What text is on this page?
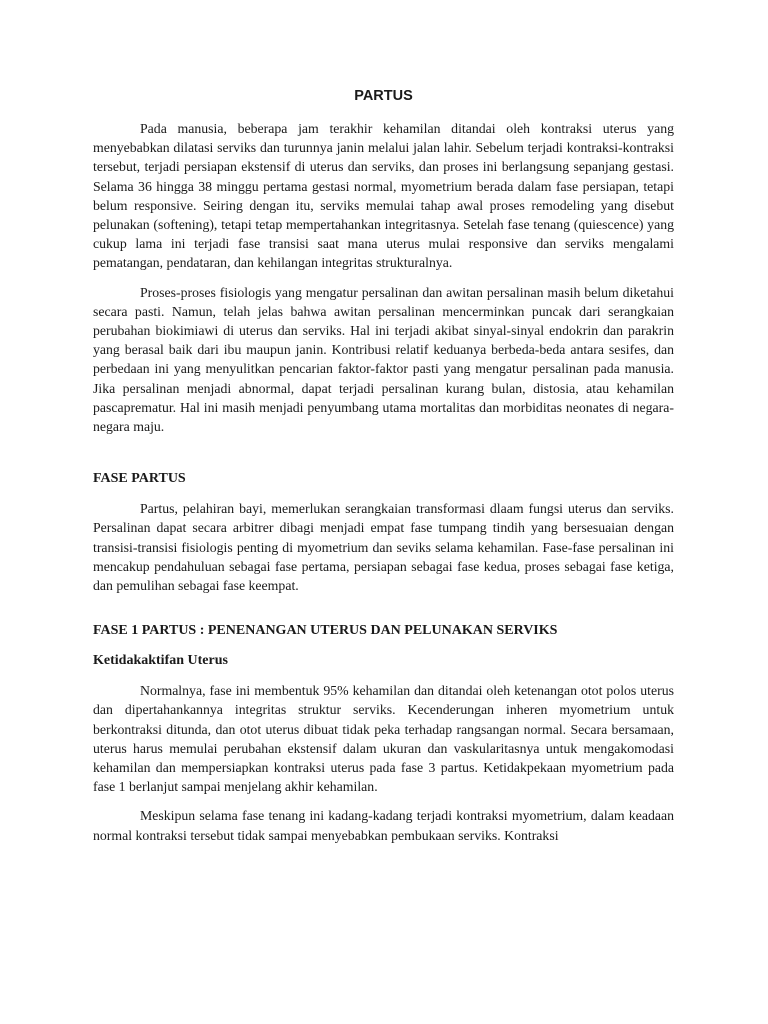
PARTUS

Pada manusia, beberapa jam terakhir kehamilan ditandai oleh kontraksi uterus yang menyebabkan dilatasi serviks dan turunnya janin melalui jalan lahir. Sebelum terjadi kontraksi-kontraksi tersebut, terjadi persiapan ekstensif di uterus dan serviks, dan proses ini berlangsung sepanjang gestasi. Selama 36 hingga 38 minggu pertama gestasi normal, myometrium berada dalam fase persiapan, tetapi belum responsive. Seiring dengan itu, serviks memulai tahap awal proses remodeling yang disebut pelunakan (softening), tetapi tetap mempertahankan integritasnya. Setelah fase tenang (quiescence) yang cukup lama ini terjadi fase transisi saat mana uterus mulai responsive dan serviks mengalami pematangan, pendataran, dan kehilangan integritas strukturalnya.

Proses-proses fisiologis yang mengatur persalinan dan awitan persalinan masih belum diketahui secara pasti. Namun, telah jelas bahwa awitan persalinan mencerminkan puncak dari serangkaian perubahan biokimiawi di uterus dan serviks. Hal ini terjadi akibat sinyal-sinyal endokrin dan parakrin yang berasal baik dari ibu maupun janin. Kontribusi relatif keduanya berbeda-beda antara sesifes, dan perbedaan ini yang menyulitkan pencarian faktor-faktor pasti yang mengatur persalinan pada manusia. Jika persalinan menjadi abnormal, dapat terjadi persalinan kurang bulan, distosia, atau kehamilan pascaprematur. Hal ini masih menjadi penyumbang utama mortalitas dan morbiditas neonates di negara-negara maju.

FASE PARTUS

Partus, pelahiran bayi, memerlukan serangkaian transformasi dlaam fungsi uterus dan serviks. Persalinan dapat secara arbitrer dibagi menjadi empat fase tumpang tindih yang bersesuaian dengan transisi-transisi fisiologis penting di myometrium dan seviks selama kehamilan. Fase-fase persalinan ini mencakup pendahuluan sebagai fase pertama, persiapan sebagai fase kedua, proses sebagai fase ketiga, dan pemulihan sebagai fase keempat.

FASE 1 PARTUS : PENENANGAN UTERUS DAN PELUNAKAN SERVIKS
Ketidakaktifan Uterus

Normalnya, fase ini membentuk 95% kehamilan dan ditandai oleh ketenangan otot polos uterus dan dipertahankannya integritas struktur serviks. Kecenderungan inheren myometrium untuk berkontraksi ditunda, dan otot uterus dibuat tidak peka terhadap rangsangan normal. Secara bersamaan, uterus harus memulai perubahan ekstensif dalam ukuran dan vaskularitasnya untuk mengakomodasi kehamilan dan mempersiapkan kontraksi uterus pada fase 3 partus. Ketidakpekaan myometrium pada fase 1 berlanjut sampai menjelang akhir kehamilan.

Meskipun selama fase tenang ini kadang-kadang terjadi kontraksi myometrium, dalam keadaan normal kontraksi tersebut tidak sampai menyebabkan pembukaan serviks. Kontraksi
